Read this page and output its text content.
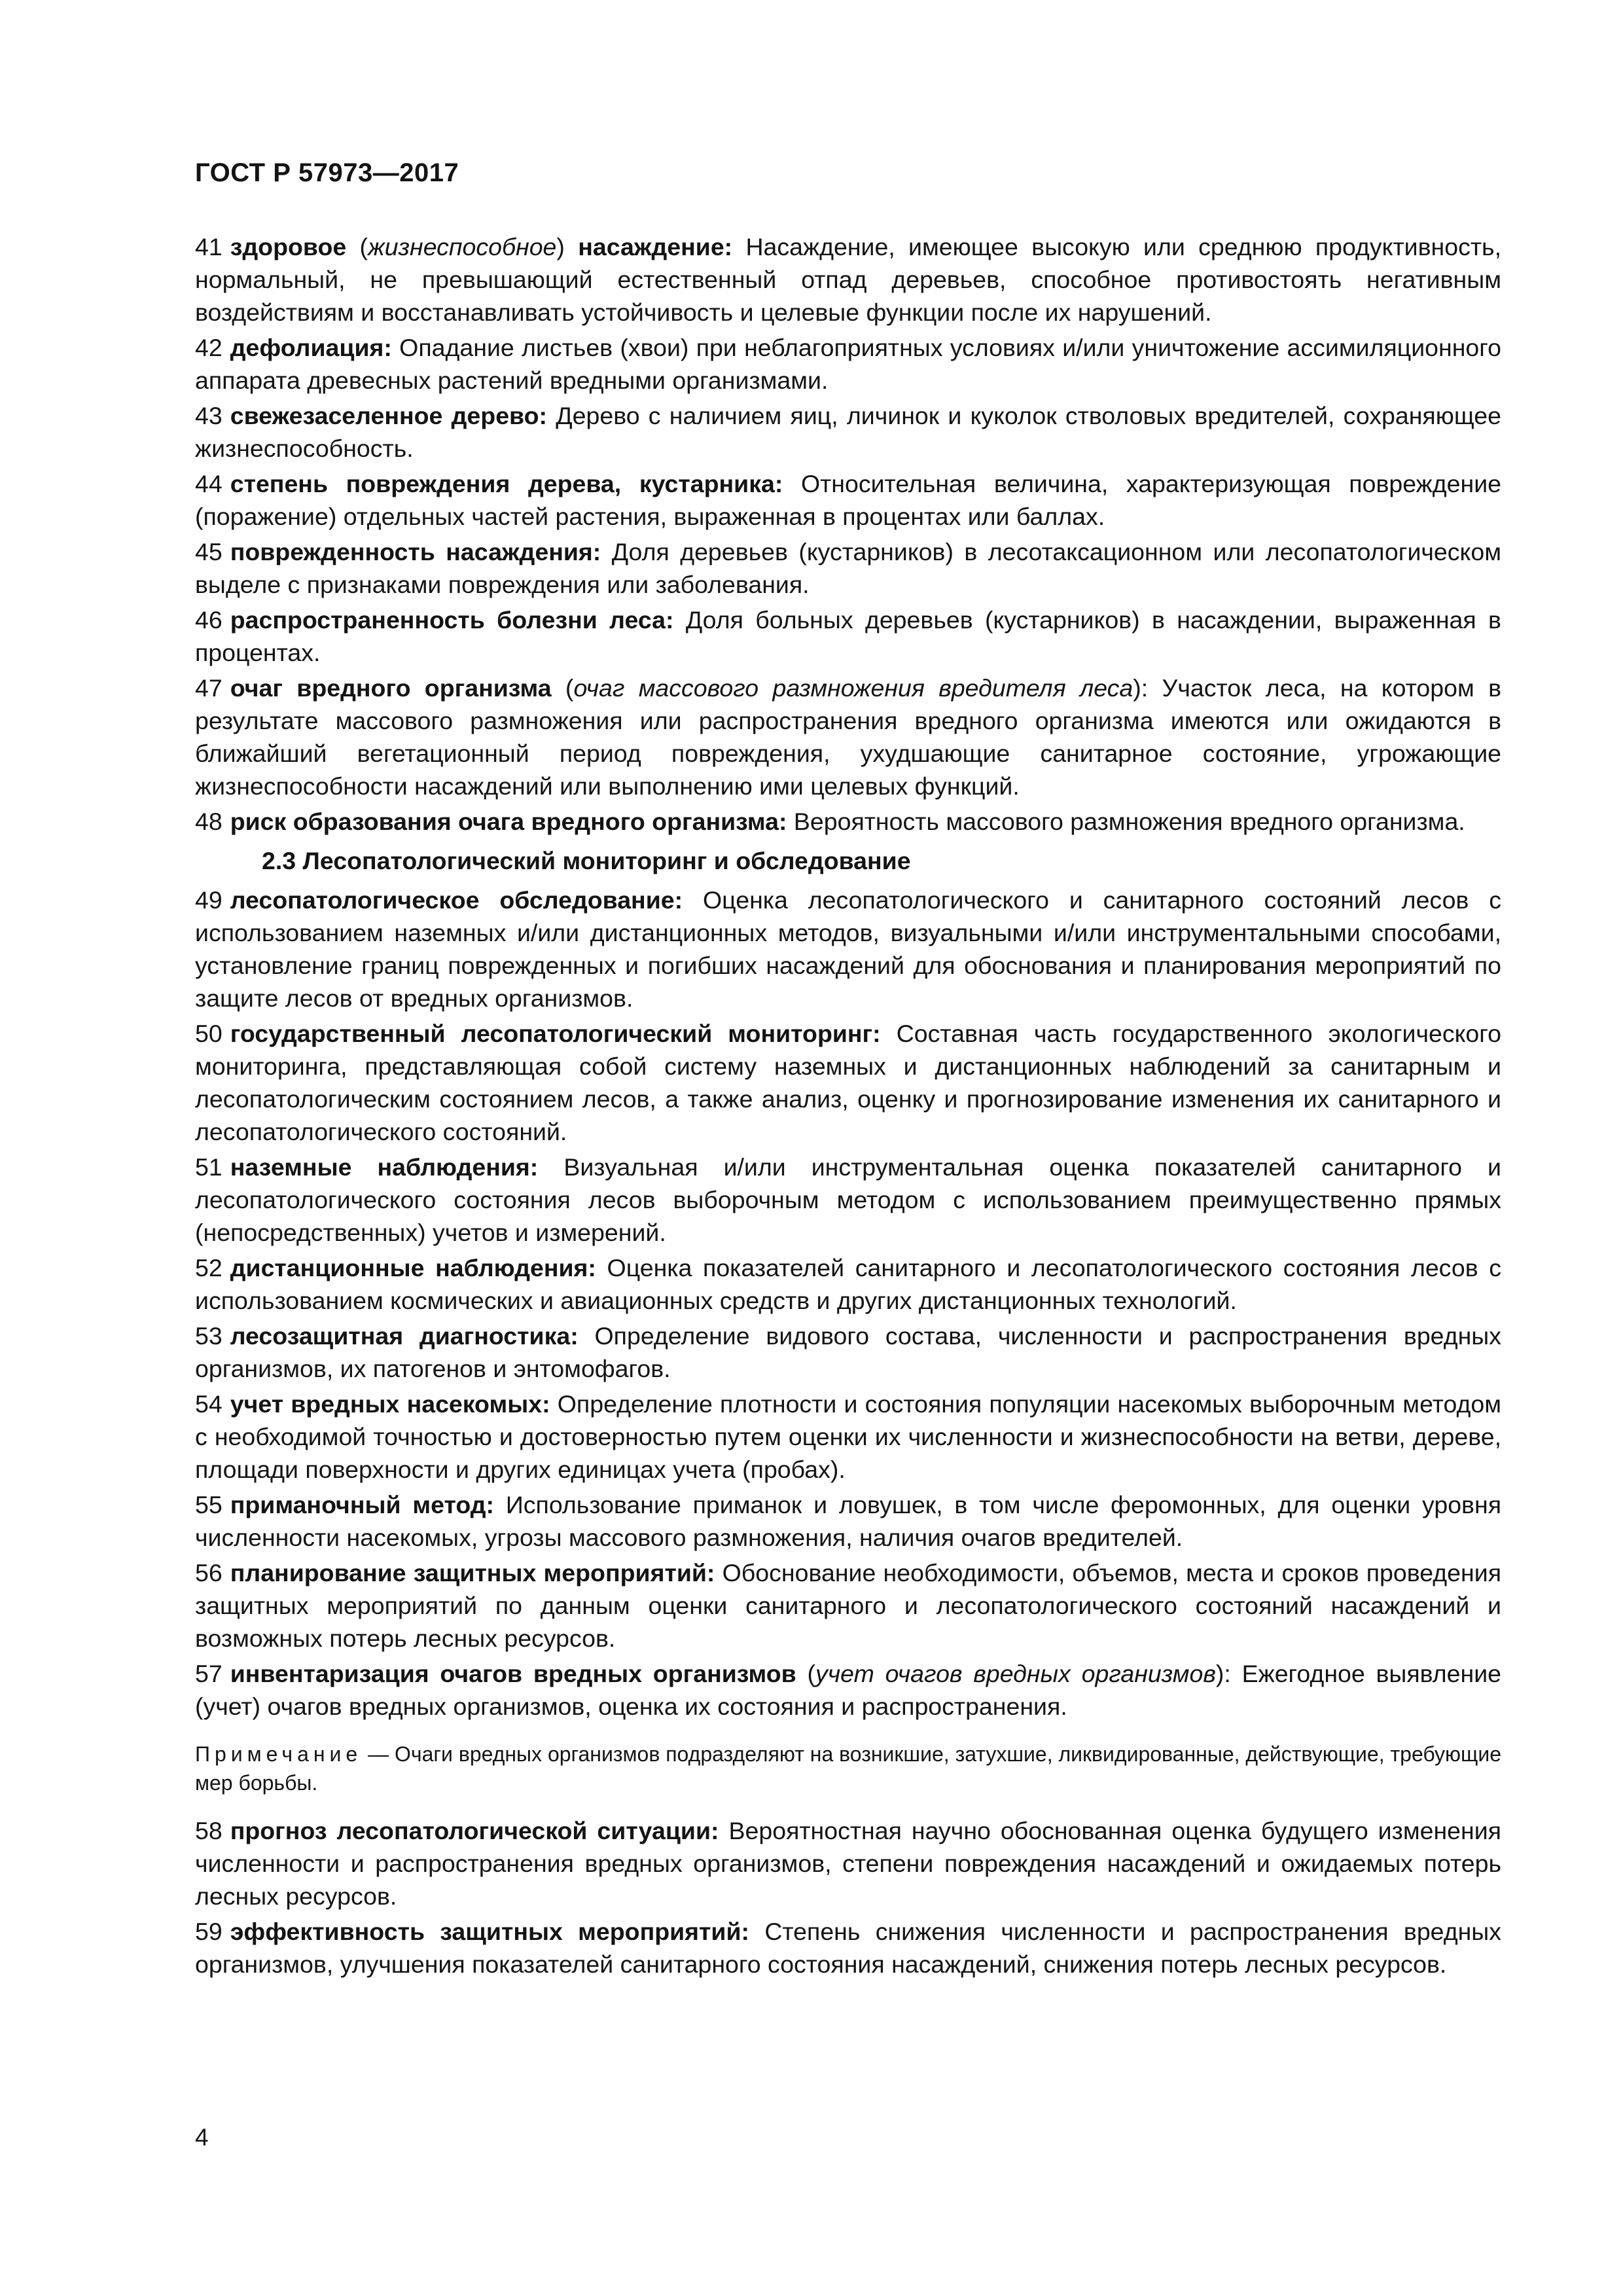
ГОСТ Р 57973—2017

41 здоровое (жизнеспособное) насаждение: Насаждение, имеющее высокую или среднюю продуктивность, нормальный, не превышающий естественный отпад деревьев, способное противостоять негативным воздействиям и восстанавливать устойчивость и целевые функции после их нарушений.

42 дефолиация: Опадание листьев (хвои) при неблагоприятных условиях и/или уничтожение ассимиляционного аппарата древесных растений вредными организмами.

43 свежезаселенное дерево: Дерево с наличием яиц, личинок и куколок стволовых вредителей, сохраняющее жизнеспособность.

44 степень повреждения дерева, кустарника: Относительная величина, характеризующая повреждение (поражение) отдельных частей растения, выраженная в процентах или баллах.

45 поврежденность насаждения: Доля деревьев (кустарников) в лесотаксационном или лесопатологическом выделе с признаками повреждения или заболевания.

46 распространенность болезни леса: Доля больных деревьев (кустарников) в насаждении, выраженная в процентах.

47 очаг вредного организма (очаг массового размножения вредителя леса): Участок леса, на котором в результате массового размножения или распространения вредного организма имеются или ожидаются в ближайший вегетационный период повреждения, ухудшающие санитарное состояние, угрожающие жизнеспособности насаждений или выполнению ими целевых функций.

48 риск образования очага вредного организма: Вероятность массового размножения вредного организма.

2.3 Лесопатологический мониторинг и обследование

49 лесопатологическое обследование: Оценка лесопатологического и санитарного состояний лесов с использованием наземных и/или дистанционных методов, визуальными и/или инструментальными способами, установление границ поврежденных и погибших насаждений для обоснования и планирования мероприятий по защите лесов от вредных организмов.

50 государственный лесопатологический мониторинг: Составная часть государственного экологического мониторинга, представляющая собой систему наземных и дистанционных наблюдений за санитарным и лесопатологическим состоянием лесов, а также анализ, оценку и прогнозирование изменения их санитарного и лесопатологического состояний.

51 наземные наблюдения: Визуальная и/или инструментальная оценка показателей санитарного и лесопатологического состояния лесов выборочным методом с использованием преимущественно прямых (непосредственных) учетов и измерений.

52 дистанционные наблюдения: Оценка показателей санитарного и лесопатологического состояния лесов с использованием космических и авиационных средств и других дистанционных технологий.

53 лесозащитная диагностика: Определение видового состава, численности и распространения вредных организмов, их патогенов и энтомофагов.

54 учет вредных насекомых: Определение плотности и состояния популяции насекомых выборочным методом с необходимой точностью и достоверностью путем оценки их численности и жизнеспособности на ветви, дереве, площади поверхности и других единицах учета (пробах).

55 приманочный метод: Использование приманок и ловушек, в том числе феромонных, для оценки уровня численности насекомых, угрозы массового размножения, наличия очагов вредителей.

56 планирование защитных мероприятий: Обоснование необходимости, объемов, места и сроков проведения защитных мероприятий по данным оценки санитарного и лесопатологического состояний насаждений и возможных потерь лесных ресурсов.

57 инвентаризация очагов вредных организмов (учет очагов вредных организмов): Ежегодное выявление (учет) очагов вредных организмов, оценка их состояния и распространения.

Примечание — Очаги вредных организмов подразделяют на возникшие, затухшие, ликвидированные, действующие, требующие мер борьбы.

58 прогноз лесопатологической ситуации: Вероятностная научно обоснованная оценка будущего изменения численности и распространения вредных организмов, степени повреждения насаждений и ожидаемых потерь лесных ресурсов.

59 эффективность защитных мероприятий: Степень снижения численности и распространения вредных организмов, улучшения показателей санитарного состояния насаждений, снижения потерь лесных ресурсов.

4
